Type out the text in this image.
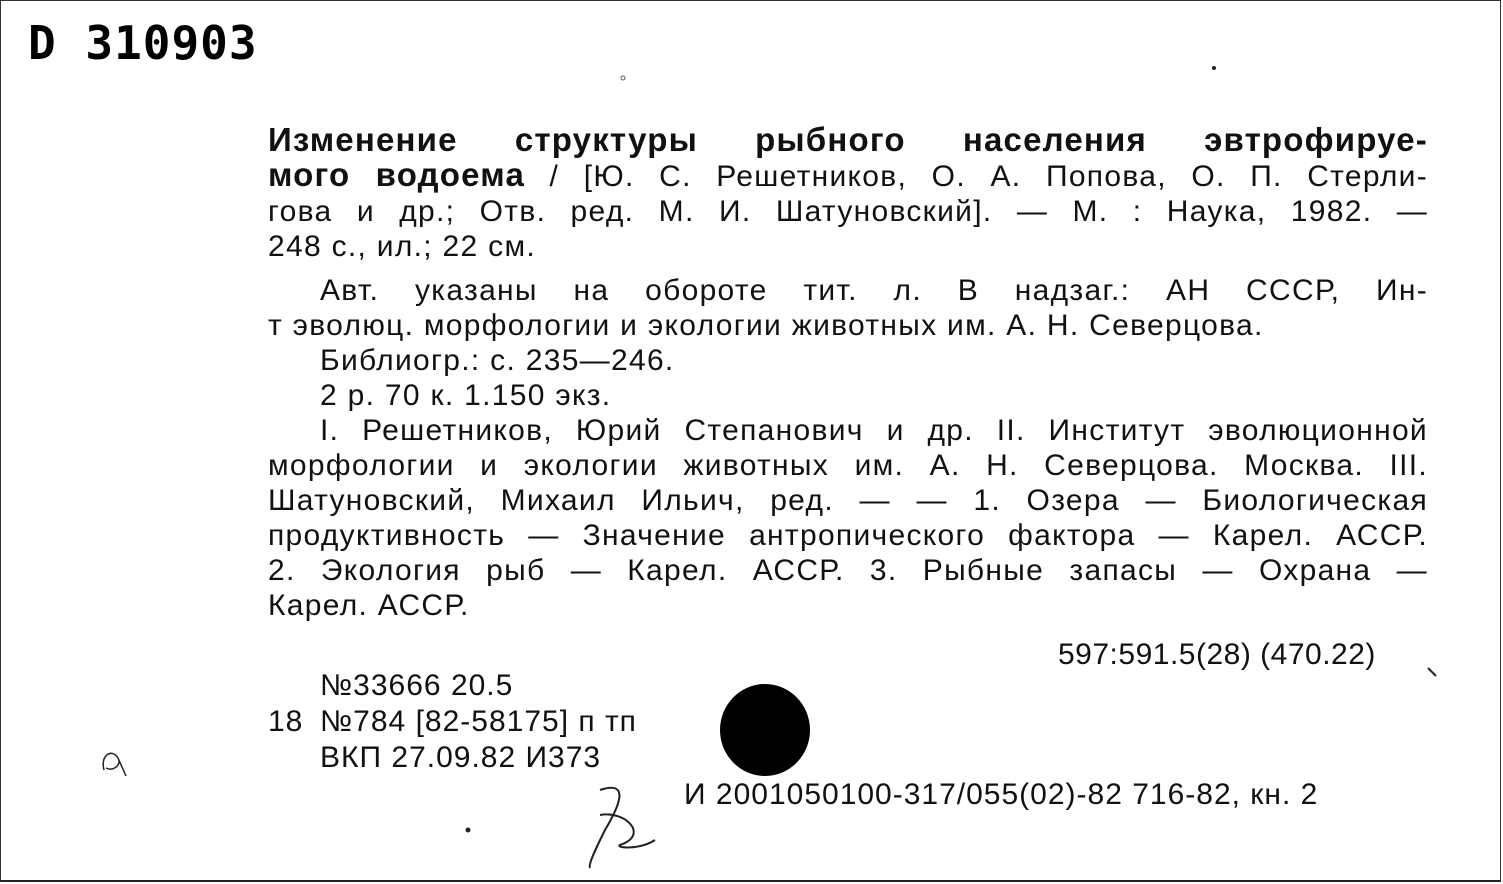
D 310903
Изменение структуры рыбного населения эвтрофируе-
мого водоема / [Ю. С. Решетников, О. А. Попова, О. П. Стерли-
гова и др.; Отв. ред. М. И. Шатуновский]. — М. : Наука, 1982. —
248 с., ил.; 22 см.
Авт. указаны на обороте тит. л. В надзаг.: АН СССР, Ин-
т эволюц. морфологии и экологии животных им. А. Н. Северцова.
Библиогр.: с. 235—246.
2 р. 70 к. 1.150 экз.
I. Решетников, Юрий Степанович и др. II. Институт эволюционной
морфологии и экологии животных им. А. Н. Северцова. Москва. III.
Шатуновский, Михаил Ильич, ред. — — 1. Озера — Биологическая
продуктивность — Значение антропического фактора — Карел. АССР.
2. Экология рыб — Карел. АССР. 3. Рыбные запасы — Охрана —
Карел. АССР.
597:591.5(28) (470.22)
№33666 20.5
18 №784 [82-58175] п тп
ВКП 27.09.82 И373
И 2001050100-317/055(02)-82 716-82, кн. 2
